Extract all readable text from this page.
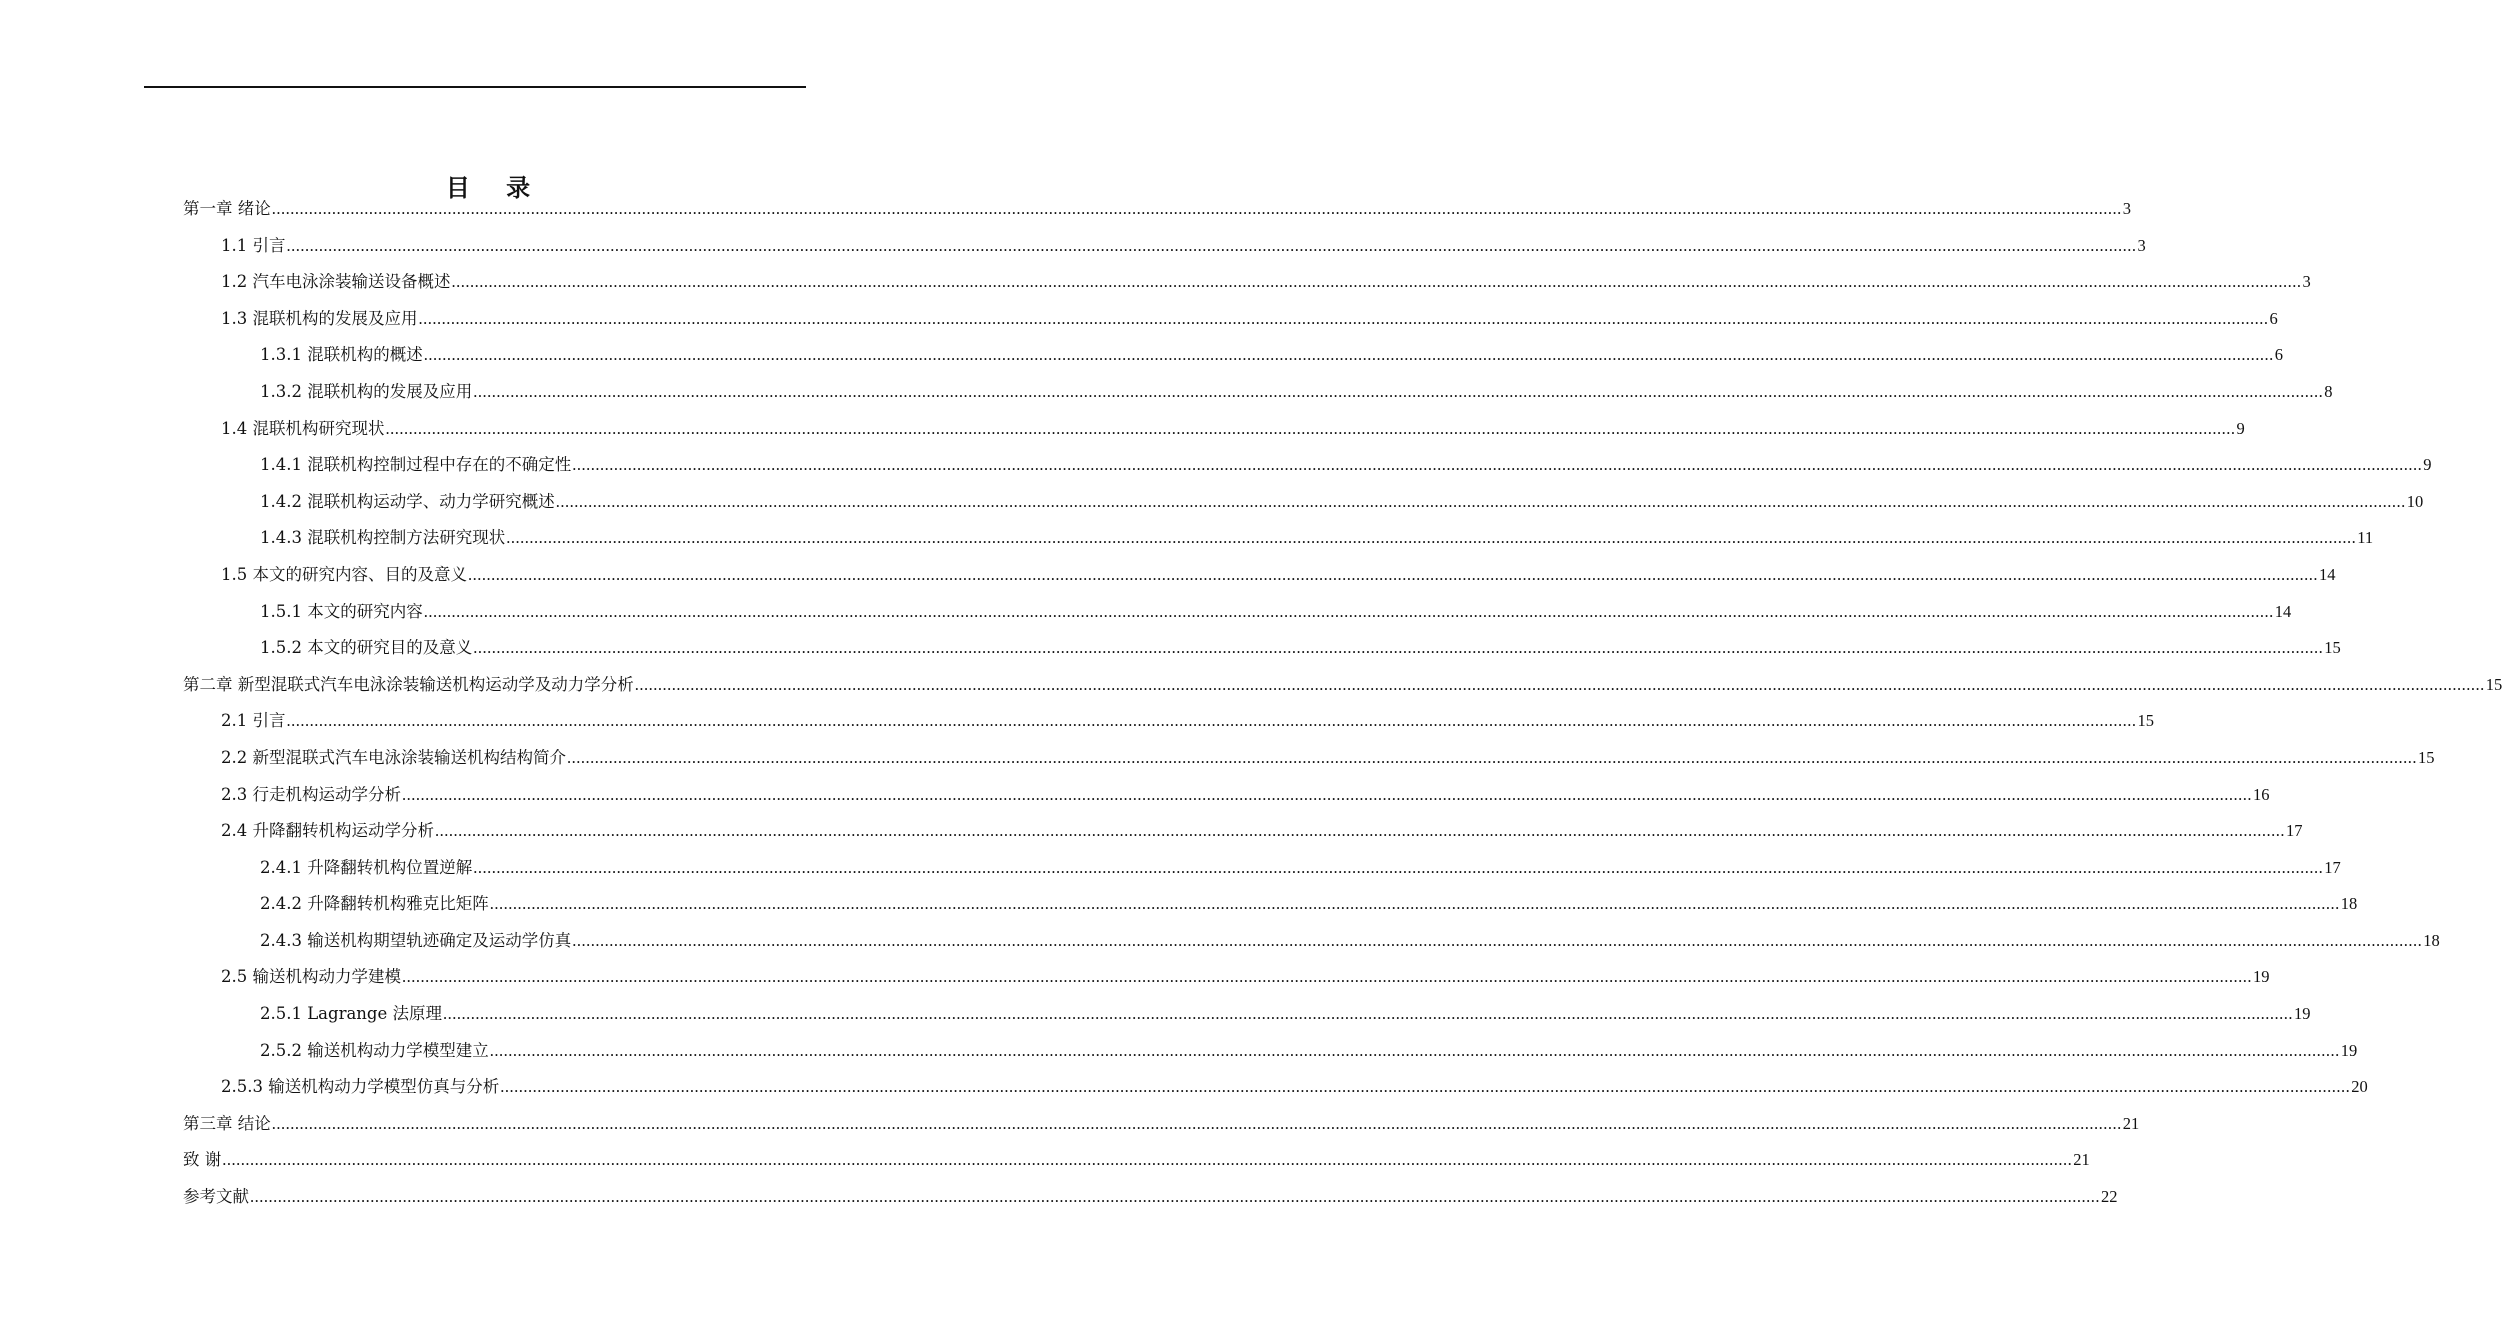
目 录
第一章 绪论 ................................................................................................................................................................................................................................................................................................................................................................................................................ 3
1.1 引言 ................................................................................................................................................................................................................................................................................................................................................................................................................ 3
1.2 汽车电泳涂装输送设备概述 ................................................................................................................................................................................................................................................................................................................................................................................................................ 3
1.3 混联机构的发展及应用 ................................................................................................................................................................................................................................................................................................................................................................................................................ 6
1.3.1 混联机构的概述 ................................................................................................................................................................................................................................................................................................................................................................................................................ 6
1.3.2 混联机构的发展及应用 ................................................................................................................................................................................................................................................................................................................................................................................................................ 8
1.4 混联机构研究现状 ................................................................................................................................................................................................................................................................................................................................................................................................................ 9
1.4.1 混联机构控制过程中存在的不确定性 ................................................................................................................................................................................................................................................................................................................................................................................................................ 9
1.4.2 混联机构运动学、动力学研究概述 ................................................................................................................................................................................................................................................................................................................................................................................................................ 10
1.4.3 混联机构控制方法研究现状 ................................................................................................................................................................................................................................................................................................................................................................................................................ 11
1.5 本文的研究内容、目的及意义 ................................................................................................................................................................................................................................................................................................................................................................................................................ 14
1.5.1 本文的研究内容 ................................................................................................................................................................................................................................................................................................................................................................................................................ 14
1.5.2 本文的研究目的及意义 ................................................................................................................................................................................................................................................................................................................................................................................................................ 15
第二章 新型混联式汽车电泳涂装输送机构运动学及动力学分析 ................................................................................................................................................................................................................................................................................................................................................................................................................ 15
2.1 引言 ................................................................................................................................................................................................................................................................................................................................................................................................................ 15
2.2 新型混联式汽车电泳涂装输送机构结构简介 ................................................................................................................................................................................................................................................................................................................................................................................................................ 15
2.3 行走机构运动学分析 ................................................................................................................................................................................................................................................................................................................................................................................................................ 16
2.4 升降翻转机构运动学分析 ................................................................................................................................................................................................................................................................................................................................................................................................................ 17
2.4.1 升降翻转机构位置逆解 ................................................................................................................................................................................................................................................................................................................................................................................................................ 17
2.4.2 升降翻转机构雅克比矩阵 ................................................................................................................................................................................................................................................................................................................................................................................................................ 18
2.4.3 输送机构期望轨迹确定及运动学仿真 ................................................................................................................................................................................................................................................................................................................................................................................................................ 18
2.5 输送机构动力学建模 ................................................................................................................................................................................................................................................................................................................................................................................................................ 19
2.5.1 Lagrange 法原理 ................................................................................................................................................................................................................................................................................................................................................................................................................ 19
2.5.2 输送机构动力学模型建立 ................................................................................................................................................................................................................................................................................................................................................................................................................ 19
2.5.3 输送机构动力学模型仿真与分析 ................................................................................................................................................................................................................................................................................................................................................................................................................ 20
第三章 结论 ................................................................................................................................................................................................................................................................................................................................................................................................................ 21
致 谢 ................................................................................................................................................................................................................................................................................................................................................................................................................ 21
参考文献 ................................................................................................................................................................................................................................................................................................................................................................................................................ 22
